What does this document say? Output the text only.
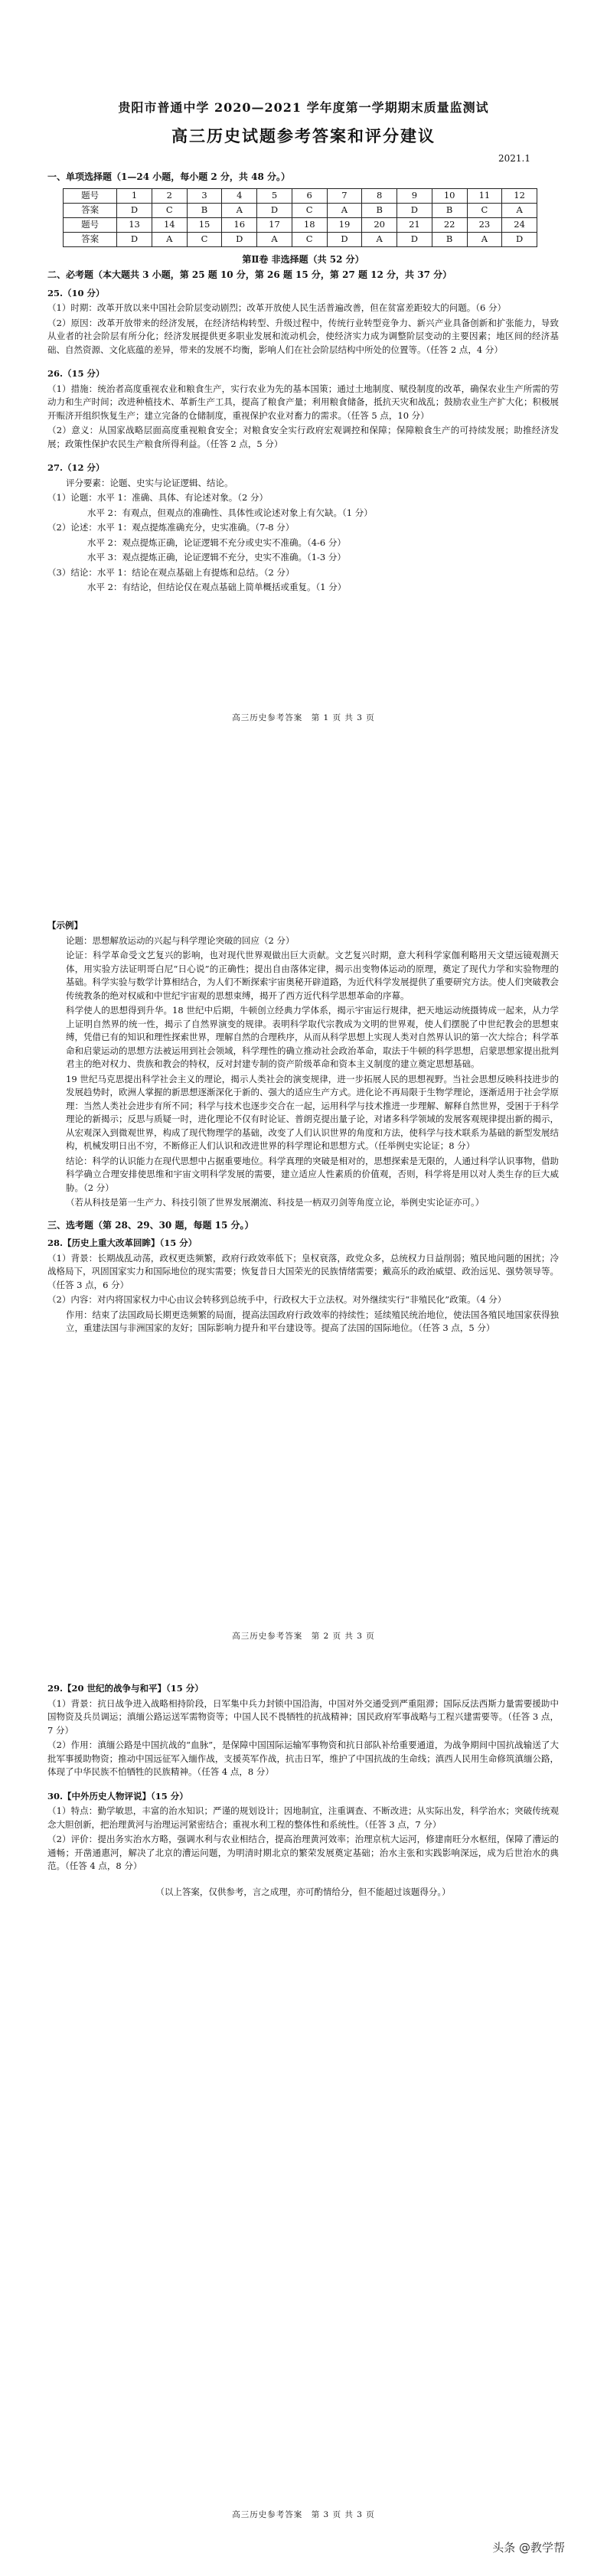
贵阳市普通中学 2020—2021 学年度第一学期期末质量监测试
高三历史试题参考答案和评分建议
2021.1
一、单项选择题（1—24 小题，每小题 2 分，共 48 分。）
题号	1	2	3	4	5	6	7	8	9	10	11	12
答案	D	C	B	A	D	C	A	B	D	B	C	A
题号	13	14	15	16	17	18	19	20	21	22	23	24
答案	D	A	C	D	A	C	D	A	D	B	A	D
第Ⅱ卷 非选择题（共 52 分）
二、必考题（本大题共 3 小题，第 25 题 10 分，第 26 题 15 分，第 27 题 12 分，共 37 分）
25.（10 分）
（1）时期：改革开放以来中国社会阶层变动剧烈；改革开放使人民生活普遍改善，但在贫富差距较大的问题。（6 分）
（2）原因：改革开放带来的经济发展，在经济结构转型、升级过程中，传统行业转型竞争力、新兴产业具备创新和扩张能力，导致从业者的社会阶层有所分化；经济发展提供更多职业发展和流动机会，使经济实力成为调整阶层变动的主要因素；地区间的经济基础、自然资源、文化底蕴的差异，带来的发展不均衡，影响人们在社会阶层结构中所处的位置等。（任答 2 点，4 分）
26.（15 分）
（1）措施：统治者高度重视农业和粮食生产，实行农业为先的基本国策；通过土地制度、赋役制度的改革，确保农业生产所需的劳动力和生产时间；改进种植技术、革新生产工具，提高了粮食产量；利用粮食储备，抵抗天灾和战乱；鼓励农业生产扩大化；积极展开赈济开组织恢复生产；建立完备的仓储制度，重视保护农业对畜力的需求。（任答 5 点，10 分）
（2）意义：从国家战略层面高度重视粮食安全；对粮食安全实行政府宏观调控和保障；保障粮食生产的可持续发展；助推经济发展；政策性保护农民生产粮食所得利益。（任答 2 点，5 分）
27.（12 分）
评分要素：论题、史实与论证逻辑、结论。
（1）论题：水平 1：准确、具体、有论述对象。（2 分）
水平 2：有观点，但观点的准确性、具体性或论述对象上有欠缺。（1 分）
（2）论述：水平 1：观点提炼准确充分，史实准确。（7-8 分）
水平 2：观点提炼正确，论证逻辑不充分或史实不准确。（4-6 分）
水平 3：观点提炼正确，论证逻辑不充分，史实不准确。（1-3 分）
（3）结论：水平 1：结论在观点基础上有提炼和总结。（2 分）
水平 2：有结论，但结论仅在观点基础上简单概括或重复。（1 分）
高三历史参考答案　第 1 页 共 3 页
【示例】
论题：思想解放运动的兴起与科学理论突破的回应（2 分）
论证：科学革命受文艺复兴的影响，也对现代世界观做出巨大贡献。文艺复兴时期，意大利科学家伽利略用天文望远镜观测天体，用实验方法证明哥白尼“日心说”的正确性；提出自由落体定律，揭示出变物体运动的原理，奠定了现代力学和实验物理的基础。科学实验与数学计算相结合，为人们不断探索宇宙奥秘开辟道路，为近代科学发展提供了重要研究方法。使人们突破教会传统教条的绝对权威和中世纪宇宙观的思想束缚，揭开了西方近代科学思想革命的序幕。
科学使人的思想得到升华。18 世纪中后期，牛顿创立经典力学体系，揭示宇宙运行规律，把天地运动统摄铸成一起来，从力学上证明自然界的统一性，揭示了自然界演变的规律。表明科学取代宗教成为文明的世界观，使人们摆脱了中世纪教会的思想束缚，凭借已有的知识和理性探索世界，理解自然的合理秩序，从而从科学思想上实现人类对自然界认识的第一次大综合；科学革命和启蒙运动的思想方法被运用到社会领域，科学理性的确立推动社会政治革命，取法于牛顿的科学思想，启蒙思想家提出批判君主的绝对权力、贵族和教会的特权，反对封建专制的资产阶级革命和资本主义制度的建立奠定思想基础。
19 世纪马克思提出科学社会主义的理论，揭示人类社会的演变规律，进一步拓展人民的思想视野。当社会思想反映科技进步的发展趋势时，欧洲人掌握的新思想逐渐深化于新的、强大的适应生产方式。进化论不再局限于生物学理论，逐渐适用于社会学原理：当然人类社会进步有所不同；科学与技术也逐步交合在一起，运用科学与技术推进一步理解、解释自然世界，受困于于科学理论的新揭示；反思与质疑一时，进化理论不仅有时论证、普朗克提出量子论，对诸多科学领域的发展客观规律提出新的揭示，从宏观深入到微观世界，构成了现代物理学的基础，改变了人们认识世界的角度和方法，使科学与技术联系为基础的新型发展结构，机械发明日出不穷，不断修正人们认识和改进世界的科学理论和思想方式。（任举例史实论证；8 分）
结论：科学的认识能力在现代思想中占据重要地位。科学真理的突破是相对的，思想探索是无限的，人通过科学认识事物，借助科学确立合理安排使思维和宇宙文明科学发展的需要，建立适应人性素质的价值观，否则，科学将是用以对人类生存的巨大威胁。（2 分）
（若从科技是第一生产力、科技引领了世界发展潮流、科技是一柄双刃剑等角度立论，举例史实论证亦可。）
三、选考题（第 28、29、30 题，每题 15 分。）
28.【历史上重大改革回眸】（15 分）
（1）背景：长期战乱动荡，政权更迭频繁，政府行政效率低下；皇权衰落，政党众多，总统权力日益削弱；殖民地问题的困扰；冷战格局下，巩固国家实力和国际地位的现实需要；恢复昔日大国荣光的民族情绪需要；戴高乐的政治威望、政治远见、强势领导等。（任答 3 点，6 分）
（2）内容：对内将国家权力中心由议会转移到总统手中，行政权大于立法权。对外继续实行“非殖民化”政策。（4 分）
作用：结束了法国政局长期更迭频繁的局面，提高法国政府行政效率的持续性；延续殖民统治地位，使法国各殖民地国家获得独立，重建法国与非洲国家的友好；国际影响力提升和平台建设等。提高了法国的国际地位。（任答 3 点，5 分）
高三历史参考答案　第 2 页 共 3 页
29.【20 世纪的战争与和平】（15 分）
（1）背景：抗日战争进入战略相持阶段，日军集中兵力封锁中国沿海，中国对外交通受到严重阻滞；国际反法西斯力量需要援助中国物资及兵员调运；滇缅公路运送军需物资等；中国人民不畏牺牲的抗战精神；国民政府军事战略与工程兴建需要等。（任答 3 点，7 分）
（2）作用：滇缅公路是中国抗战的“血脉”，是保障中国国际运输军事物资和抗日部队补给重要通道，为战争期间中国抗战输送了大批军事援助物资；推动中国远征军入缅作战，支援英军作战，抗击日军，维护了中国抗战的生命线；滇西人民用生命修筑滇缅公路，体现了中华民族不怕牺牲的民族精神。（任答 4 点，8 分）
30.【中外历史人物评说】（15 分）
（1）特点：勤学敏思，丰富的治水知识；严谨的规划设计；因地制宜，注重调查、不断改进；从实际出发，科学治水；突破传统观念大胆创新，把治理黄河与治理运河紧密结合；重视水利工程的整体性和系统性。（任答 3 点，7 分）
（2）评价：提出务实治水方略，强调水利与农业相结合，提高治理黄河效率；治理京杭大运河，修建南旺分水枢纽，保障了漕运的通畅；开凿通惠河，解决了北京的漕运问题，为明清时期北京的繁荣发展奠定基础；治水主张和实践影响深远，成为后世治水的典范。（任答 4 点，8 分）
（以上答案，仅供参考，言之成理，亦可酌情给分，但不能超过该题得分。）
高三历史参考答案　第 3 页 共 3 页
头条 @教学帮
